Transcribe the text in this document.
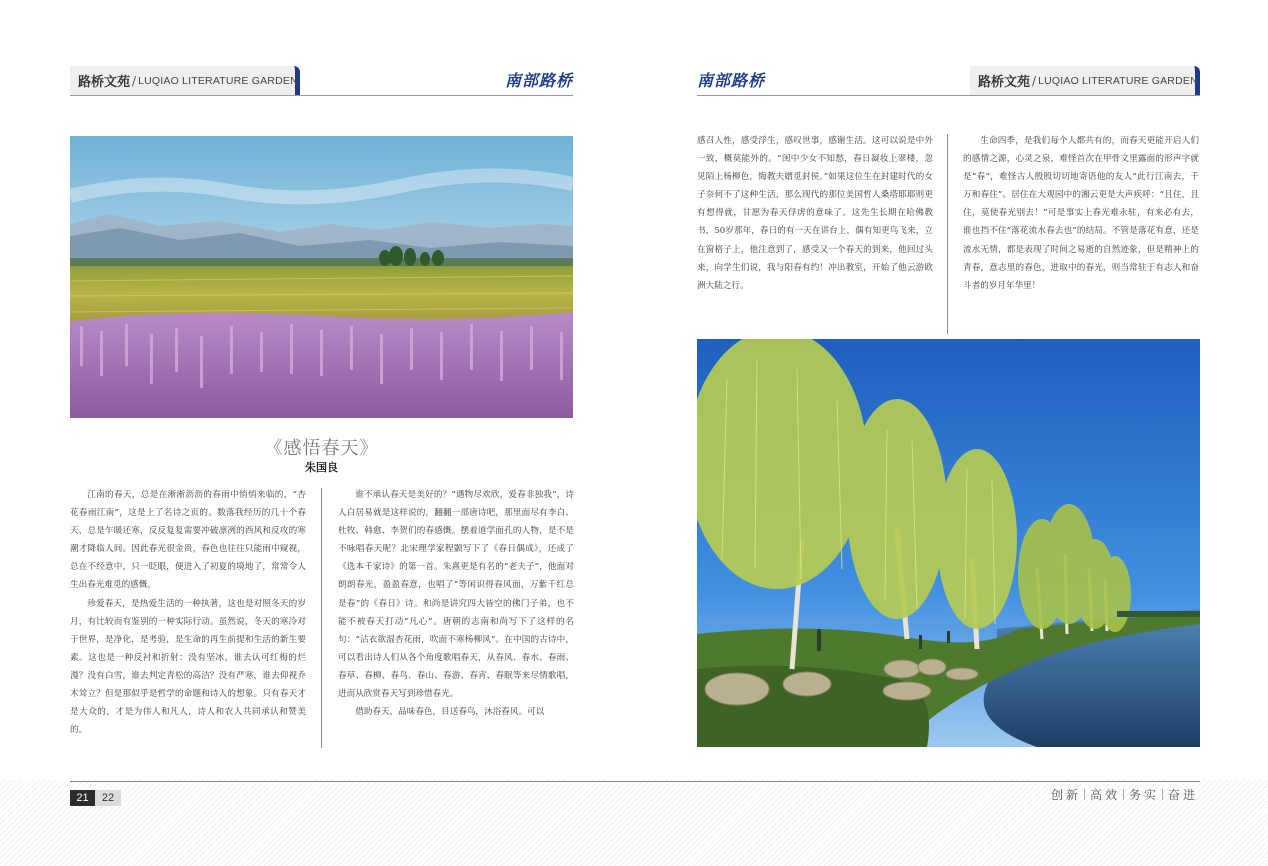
路桥文苑 / LUQIAO LITERATURE GARDEN	南部路桥	南部路桥	路桥文苑 / LUQIAO LITERATURE GARDEN
《感悟春天》
朱国良

江南的春天，总是在淅淅沥沥的春雨中悄悄来临的，“杏花春雨江南”，这是上了名诗之页的。数落我经历的几十个春天，总是乍暖还寒，反反复复需要冲破凛冽的西风和反攻的寒潮才降临人间。因此春光很金贵，春色也往往只能雨中窥视，总在不经意中，只一眨眼，便进入了初夏的境地了，常常令人生出春光难觅的感慨。

珍爱春天，是热爱生活的一种执著，这也是对照冬天的岁月，有比较而有鉴别的一种实际行动。虽然说，冬天的寒冷对于世界，是净化，是考验，是生命的再生前提和生活的新生要素。这也是一种反衬和折射：没有坚冰，谁去认可红梅的烂漫？没有白雪，谁去判定青松的高洁？没有严寒，谁去仰视乔木耸立？但是那似乎是哲学的命题和诗人的想象。只有春天才是大众的，才是为伟人和凡人，诗人和农人共同承认和赞美的。

谁不承认春天是美好的？“遇物尽欢欣，爱春非独我”，诗人白居易就是这样说的，翻翻一部唐诗吧，那里面尽有李白、杜牧、韩愈、李贺们的春感慨。摆着道学面孔的人物，是不是不咏唱春天呢？北宋理学家程颢写下了《春日偶成》，还成了《选本千家诗》的第一首。朱熹更是有名的“老夫子”，他面对朗朗春光，盈盈春意，也唱了“等闲识得春风面，万紫千红总是春”的《春日》诗。和尚是讲究四大皆空的佛门子弟，也不能不被春天打动“凡心”。唐朝的志南和尚写下了这样的名句：“沾衣欲湿杏花雨，吹面不寒杨柳风”。在中国的古诗中，可以看出诗人们从各个角度歌唱春天，从春风、春水、春雨、春草、春柳、春鸟、春山、春游、春宵、春眠等来尽情歌唱，进而从欣赏春天写到珍惜春光。

借助春天，品味春色，目送春鸟，沐浴春风。可以

感召人性，感受浮生，感叹世事，感谢生活。这可以说是中外一致，概莫能外的。“闺中少女不知愁，春日凝妆上翠楼，忽见陌上杨柳色，悔教夫婿觅封侯。”如果这位生在封建时代的女子奈何不了这种生活，那么现代的那位美国哲人桑塔耶耶则更有想得就，甘愿为春天俘虏的意味了。这先生长期在哈佛教书，50岁那年，春日的有一天在讲台上，偶有知更鸟飞来，立在窗格子上，他注意到了，感受又一个春天的到来，他回过头来，向学生们说，我与阳春有约！冲出教室，开始了他云游欧洲大陆之行。

生命四季，是我们每个人都共有的，而春天更能开启人们的感情之源，心灵之泉，难怪首次在甲骨文里露面的形声字就是“春”，难怪古人殷殷切切地寄语他的友人“此行江南去，千万和春住”。居住在大观园中的湘云更是大声疾呼：“且住，且住，莫使春光别去！”可是事实上春光难永驻，有来必有去，谁也挡不住“落花流水春去也”的结局。不管是落花有意，还是流水无情，都是表现了时间之易逝的自然迹象，但是精神上的青春，意志里的春色，进取中的春光，则当常驻于有志人和奋斗者的岁月年华里！

21	22	创新 高效 务实 奋进
